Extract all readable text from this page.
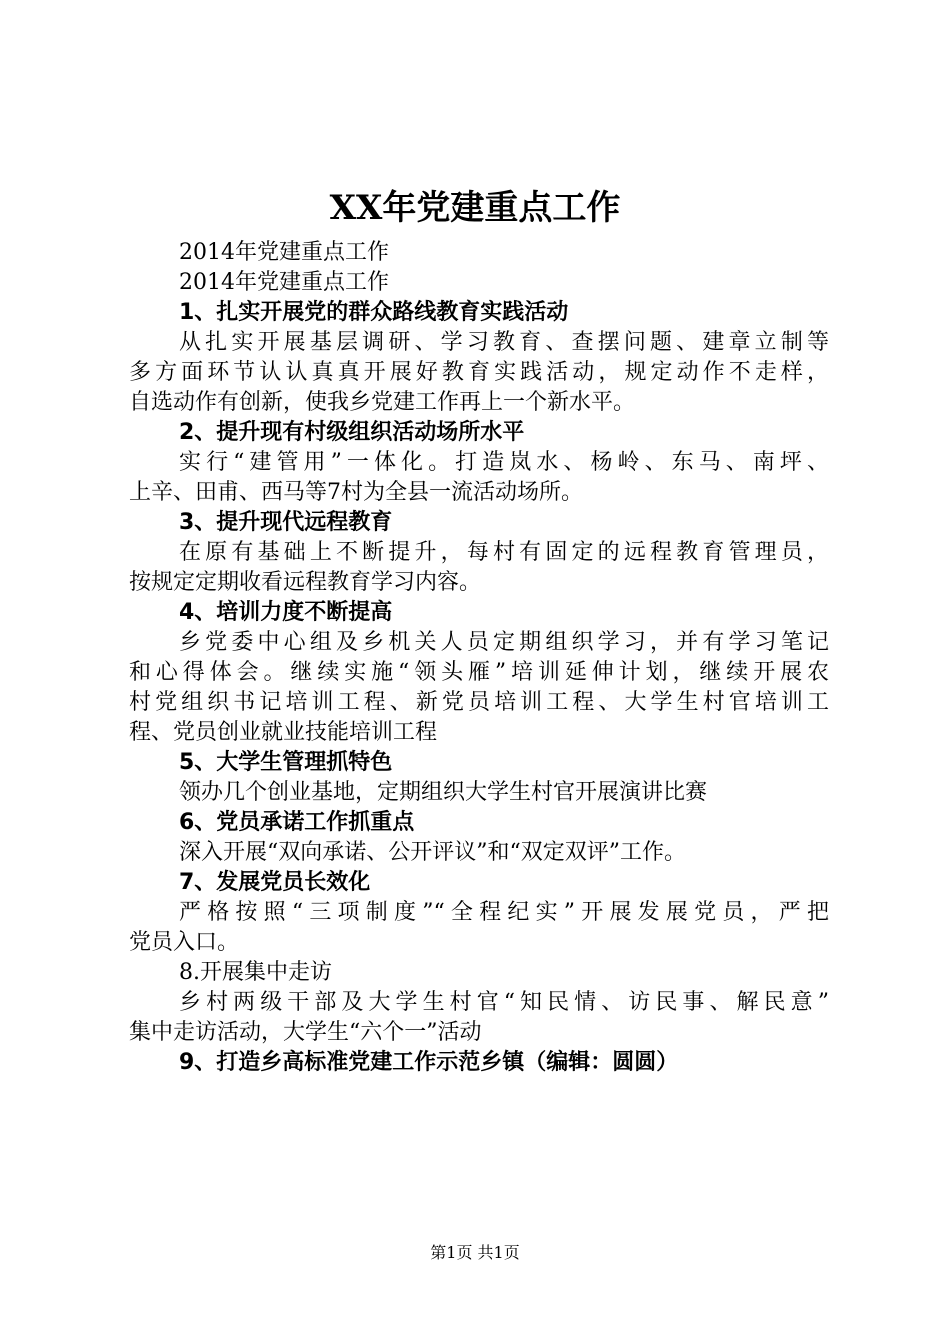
XX年党建重点工作
2014年党建重点工作
2014年党建重点工作
1、扎实开展党的群众路线教育实践活动
从扎实开展基层调研、学习教育、查摆问题、建章立制等
多方面环节认认真真开展好教育实践活动，规定动作不走样，
自选动作有创新，使我乡党建工作再上一个新水平。
2、提升现有村级组织活动场所水平
实行“建管用”一体化。打造岚水、杨岭、东马、南坪、
上辛、田甫、西马等7村为全县一流活动场所。
3、提升现代远程教育
在原有基础上不断提升，每村有固定的远程教育管理员，
按规定定期收看远程教育学习内容。
4、培训力度不断提高
乡党委中心组及乡机关人员定期组织学习，并有学习笔记
和心得体会。继续实施“领头雁”培训延伸计划，继续开展农
村党组织书记培训工程、新党员培训工程、大学生村官培训工
程、党员创业就业技能培训工程
5、大学生管理抓特色
领办几个创业基地，定期组织大学生村官开展演讲比赛
6、党员承诺工作抓重点
深入开展“双向承诺、公开评议”和“双定双评”工作。
7、发展党员长效化
严格按照“三项制度”“全程纪实”开展发展党员，严把
党员入口。
8.开展集中走访
乡村两级干部及大学生村官“知民情、访民事、解民意”
集中走访活动，大学生“六个一”活动
9、打造乡高标准党建工作示范乡镇（编辑：圆圆）
第1页 共1页
